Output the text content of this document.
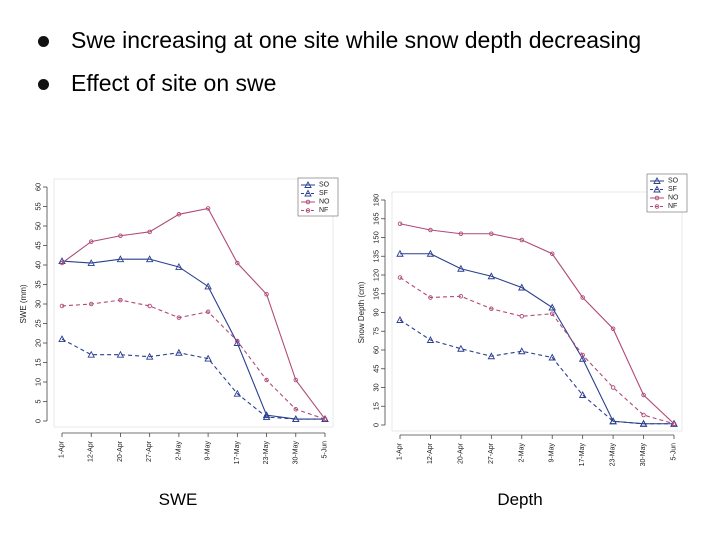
Swe increasing at one site while snow depth decreasing
Effect of site on swe
0
5
10
15
20
25
30
35
40
45
50
55
60
SWE (mm)
1-Apr	12-Apr	20-Apr	27-Apr	2-May	9-May	17-May	23-May	30-May	5-Jun
SO
SF
NO
NF
0
15
30
45
60
75
90
105
120
135
150
165
180
Snow Depth (cm)
1-Apr	12-Apr	20-Apr	27-Apr	2-May	9-May	17-May	23-May	30-May	5-Jun
SO
SF
NO
NF
SWE	Depth
